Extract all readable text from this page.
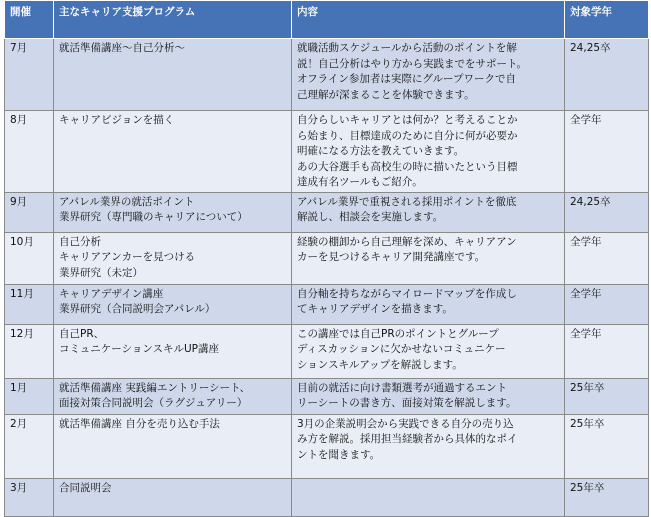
開催	主なキャリア支援プログラム	内容	対象学年
7月	就活準備講座〜自己分析〜	就職活動スケジュールから活動のポイントを解
説！自己分析はやり方から実践までをサポート。
オフライン参加者は実際にグループワークで自
己理解が深まることを体験できます。	24,25卒
8月	キャリアビジョンを描く	自分らしいキャリアとは何か？と考えることか
ら始まり、目標達成のために自分に何が必要か
明確になる方法を教えていきます。
あの大谷選手も高校生の時に描いたという目標
達成有名ツールもご紹介。	全学年
9月	アパレル業界の就活ポイント
業界研究（専門職のキャリアについて）	アパレル業界で重視される採用ポイントを徹底
解説し、相談会を実施します。	24,25卒
10月	自己分析
キャリアアンカーを見つける
業界研究（未定）	経験の棚卸から自己理解を深め、キャリアアン
カーを見つけるキャリア開発講座です。	全学年
11月	キャリアデザイン講座
業界研究（合同説明会アパレル）	自分軸を持ちながらマイロードマップを作成し
てキャリアデザインを描きます。	全学年
12月	自己PR、
コミュニケーションスキルUP講座	この講座では自己PRのポイントとグループ
ディスカッションに欠かせないコミュニケー
ションスキルアップを解説します。	全学年
1月	就活準備講座 実践編エントリーシート、
面接対策合同説明会（ラグジュアリー）	目前の就活に向け書類選考が通過するエント
リーシートの書き方、面接対策を解説します。	25年卒
2月	就活準備講座 自分を売り込む手法	3月の企業説明会から実践できる自分の売り込
み方を解説。採用担当経験者から具体的なポイ
ントを聞きます。	25年卒
3月	合同説明会		25年卒
